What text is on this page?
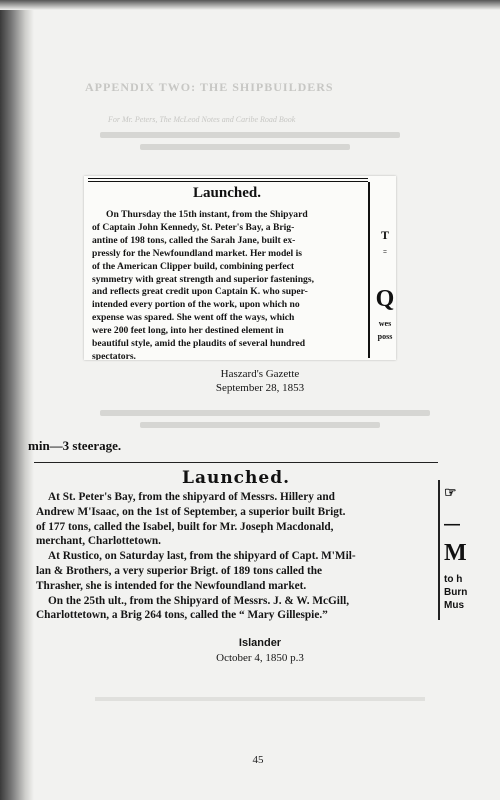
APPENDIX TWO: THE SHIPBUILDERS
For Mr. Peters, The McLeod Notes and Caribe Road Book
Launched.
On Thursday the 15th instant, from the Shipyard
of Captain John Kennedy, St. Peter's Bay, a Brig-
antine of 198 tons, called the Sarah Jane, built ex-
pressly for the Newfoundland market. Her model is
of the American Clipper build, combining perfect
symmetry with great strength and superior fastenings,
and reflects great credit upon Captain K. who super-
intended every portion of the work, upon which no
expense was spared. She went off the ways, which
were 200 feet long, into her destined element in
beautiful style, amid the plaudits of several hundred
spectators.
T
=
Q
wes
poss
Haszard's Gazette
September 28, 1853
min—3 steerage.
Launched.
At St. Peter's Bay, from the shipyard of Messrs. Hillery and
Andrew M'Isaac, on the 1st of September, a superior built Brigt.
of 177 tons, called the Isabel, built for Mr. Joseph Macdonald,
merchant, Charlottetown.
At Rustico, on Saturday last, from the shipyard of Capt. M'Mil-
lan & Brothers, a very superior Brigt. of 189 tons called the
Thrasher, she is intended for the Newfoundland market.
On the 25th ult., from the Shipyard of Messrs. J. & W. McGill,
Charlottetown, a Brig 264 tons, called the “ Mary Gillespie.”
☞
—
M
to h
Burn
Mus
Islander
October 4, 1850 p.3
45
